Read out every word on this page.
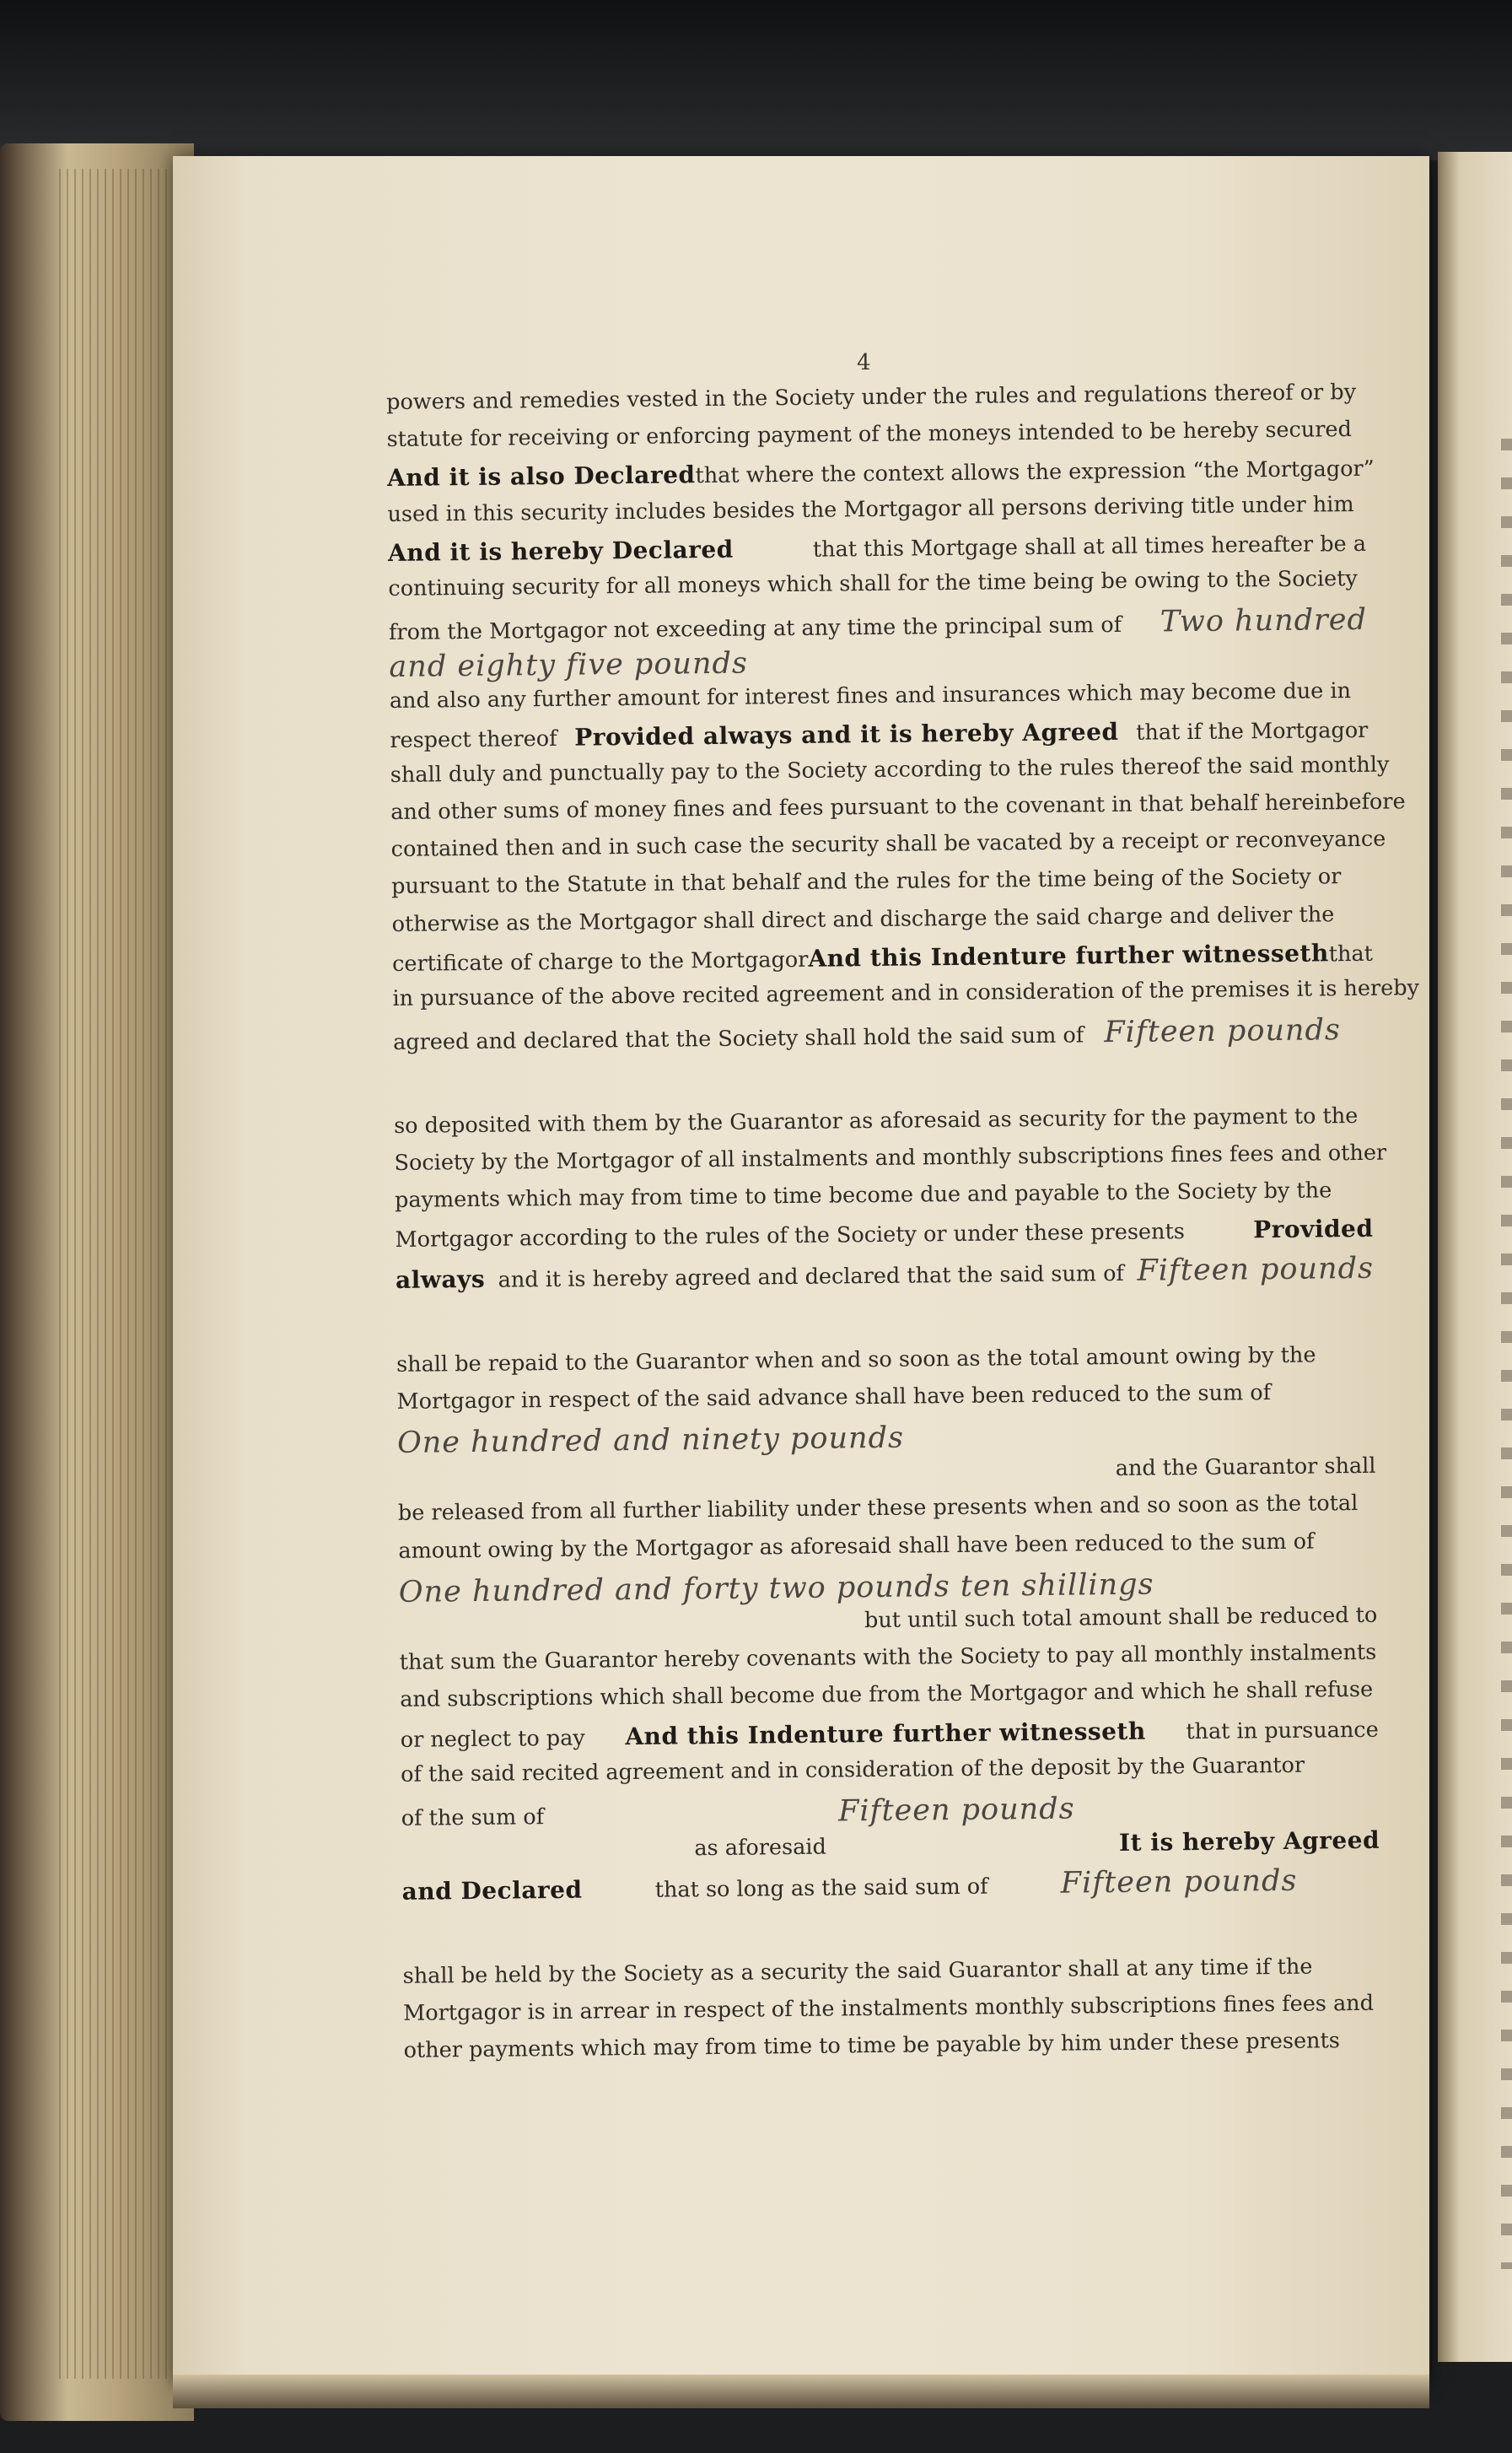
4
powers and remedies vested in the Society under the rules and regulations thereof or by
statute for receiving or enforcing payment of the moneys intended to be hereby secured
And it is also Declared that where the context allows the expression “the Mortgagor”
used in this security includes besides the Mortgagor all persons deriving title under him
And it is hereby Declared	that this Mortgage shall at all times hereafter be a
continuing security for all moneys which shall for the time being be owing to the Society
from the Mortgagor not exceeding at any time the principal sum of Two hundred
and eighty five pounds
and also any further amount for interest fines and insurances which may become due in
respect thereof Provided always and it is hereby Agreed that if the Mortgagor
shall duly and punctually pay to the Society according to the rules thereof the said monthly
and other sums of money fines and fees pursuant to the covenant in that behalf hereinbefore
contained then and in such case the security shall be vacated by a receipt or reconveyance
pursuant to the Statute in that behalf and the rules for the time being of the Society or
otherwise as the Mortgagor shall direct and discharge the said charge and deliver the
certificate of charge to the Mortgagor And this Indenture further witnesseth that
in pursuance of the above recited agreement and in consideration of the premises it is hereby
agreed and declared that the Society shall hold the said sum of Fifteen pounds
so deposited with them by the Guarantor as aforesaid as security for the payment to the
Society by the Mortgagor of all instalments and monthly subscriptions fines fees and other
payments which may from time to time become due and payable to the Society by the
Mortgagor according to the rules of the Society or under these presents	Provided
always and it is hereby agreed and declared that the said sum of Fifteen pounds
shall be repaid to the Guarantor when and so soon as the total amount owing by the
Mortgagor in respect of the said advance shall have been reduced to the sum of
One hundred and ninety pounds
and the Guarantor shall
be released from all further liability under these presents when and so soon as the total
amount owing by the Mortgagor as aforesaid shall have been reduced to the sum of
One hundred and forty two pounds ten shillings
but until such total amount shall be reduced to
that sum the Guarantor hereby covenants with the Society to pay all monthly instalments
and subscriptions which shall become due from the Mortgagor and which he shall refuse
or neglect to pay And this Indenture further witnesseth that in pursuance
of the said recited agreement and in consideration of the deposit by the Guarantor
of the sum of	Fifteen pounds
as aforesaid	It is hereby Agreed
and Declared	that so long as the said sum of Fifteen pounds
shall be held by the Society as a security the said Guarantor shall at any time if the
Mortgagor is in arrear in respect of the instalments monthly subscriptions fines fees and
other payments which may from time to time be payable by him under these presents
